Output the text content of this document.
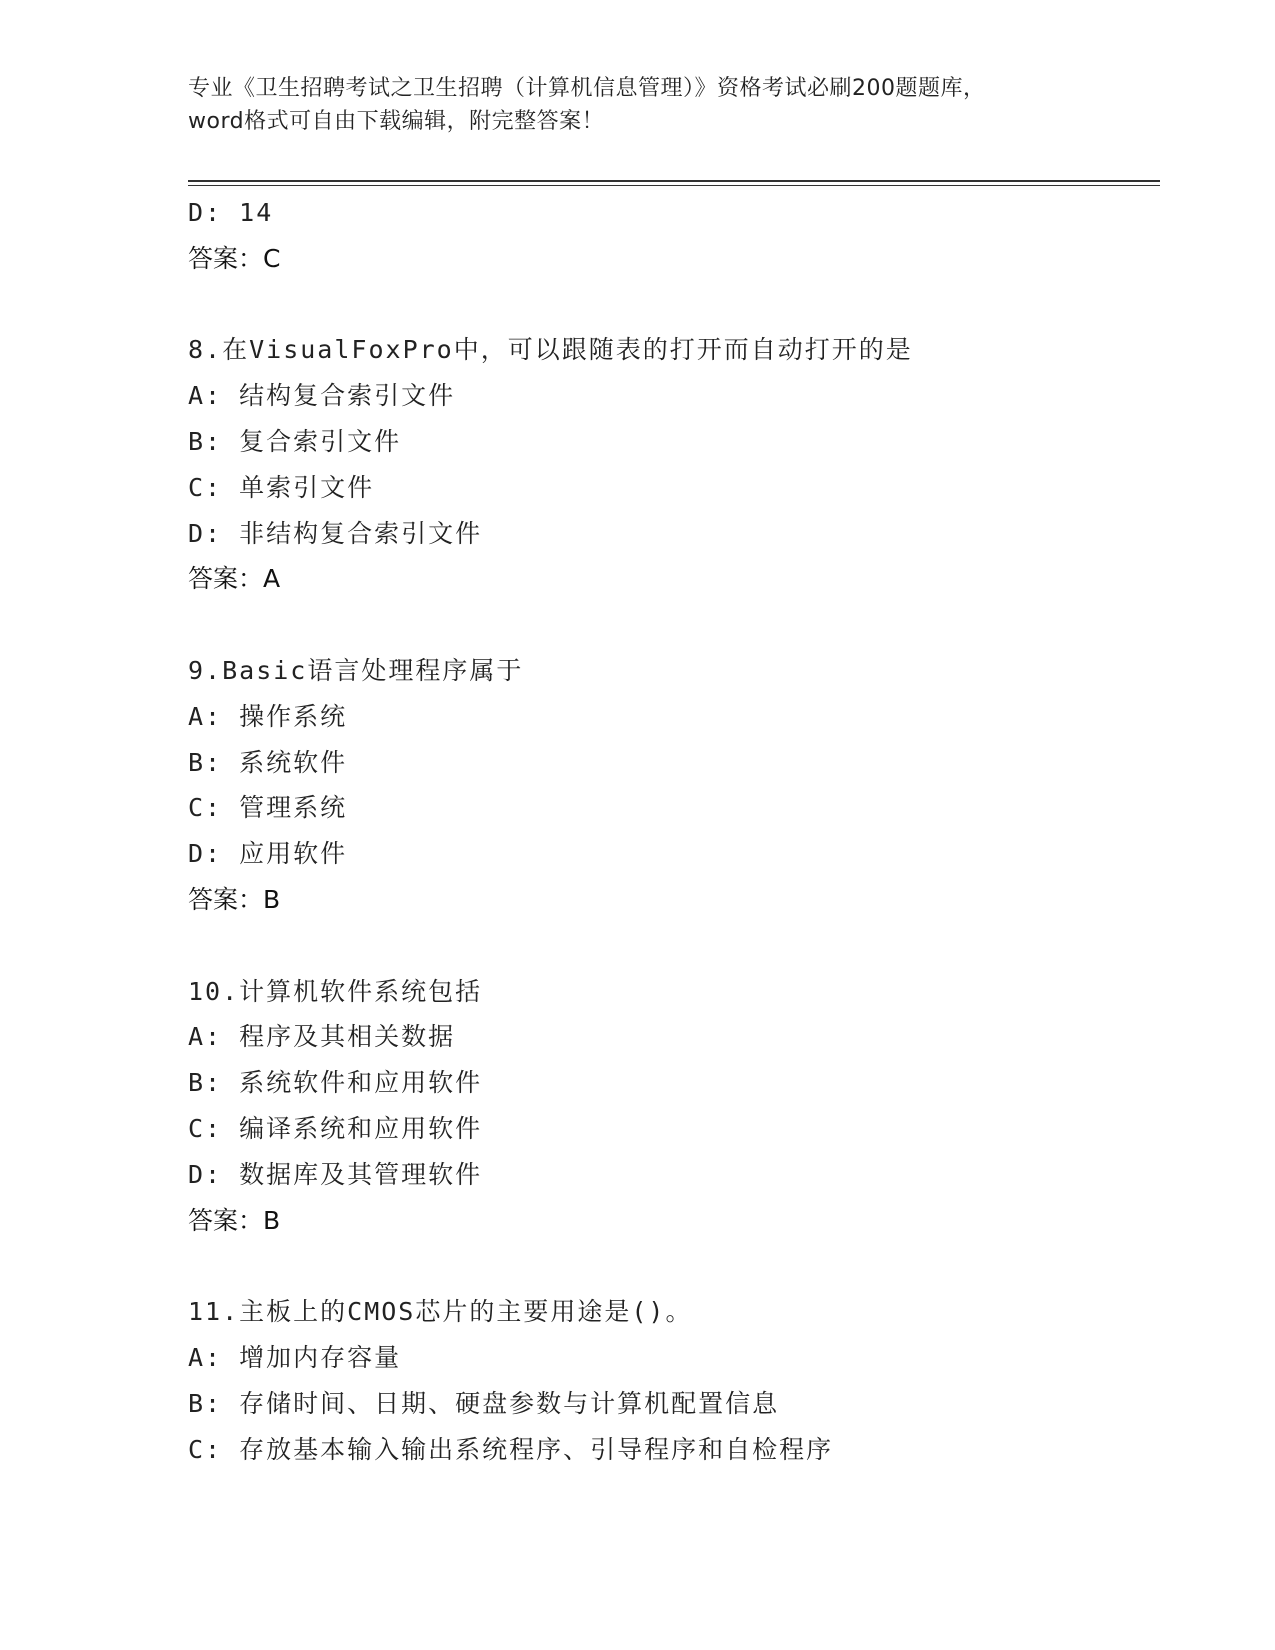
专业《卫生招聘考试之卫生招聘（计算机信息管理）》资格考试必刷200题题库，
word格式可自由下载编辑，附完整答案！
D: 14
答案：C
8.在VisualFoxPro中，可以跟随表的打开而自动打开的是
A: 结构复合索引文件
B: 复合索引文件
C: 单索引文件
D: 非结构复合索引文件
答案：A
9.Basic语言处理程序属于
A: 操作系统
B: 系统软件
C: 管理系统
D: 应用软件
答案：B
10.计算机软件系统包括
A: 程序及其相关数据
B: 系统软件和应用软件
C: 编译系统和应用软件
D: 数据库及其管理软件
答案：B
11.主板上的CMOS芯片的主要用途是()。
A: 增加内存容量
B: 存储时间、日期、硬盘参数与计算机配置信息
C: 存放基本输入输出系统程序、引导程序和自检程序
